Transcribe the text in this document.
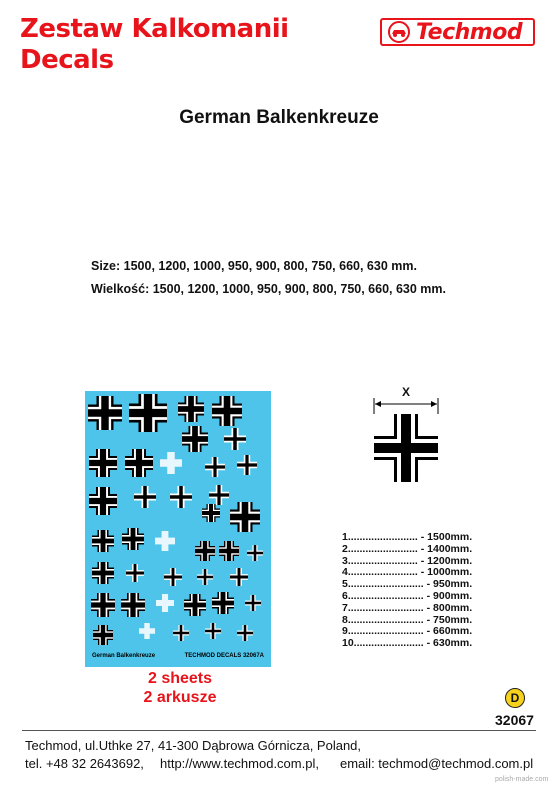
Zestaw Kalkomanii
Decals
Techmod
German Balkenkreuze
Size: 1500, 1200, 1000, 950, 900, 800, 750, 660, 630 mm.
Wielkość: 1500, 1200, 1000, 950, 900, 800, 750, 660, 630 mm.
German Balkenkreuze	TECHMOD DECALS 32067A
2 sheets
2 arkusze
X
1........................ - 1500mm.
2........................ - 1400mm.
3........................ - 1200mm.
4........................ - 1000mm.
5.......................... - 950mm.
6.......................... - 900mm.
7.......................... - 800mm.
8.......................... - 750mm.
9.......................... - 660mm.
10........................ - 630mm.
D
32067
Techmod, ul.Uthke 27, 41-300 Dąbrowa Górnicza, Poland,
tel. +48 32 2643692, http://www.techmod.com.pl, email: techmod@techmod.com.pl
polish-made.com
